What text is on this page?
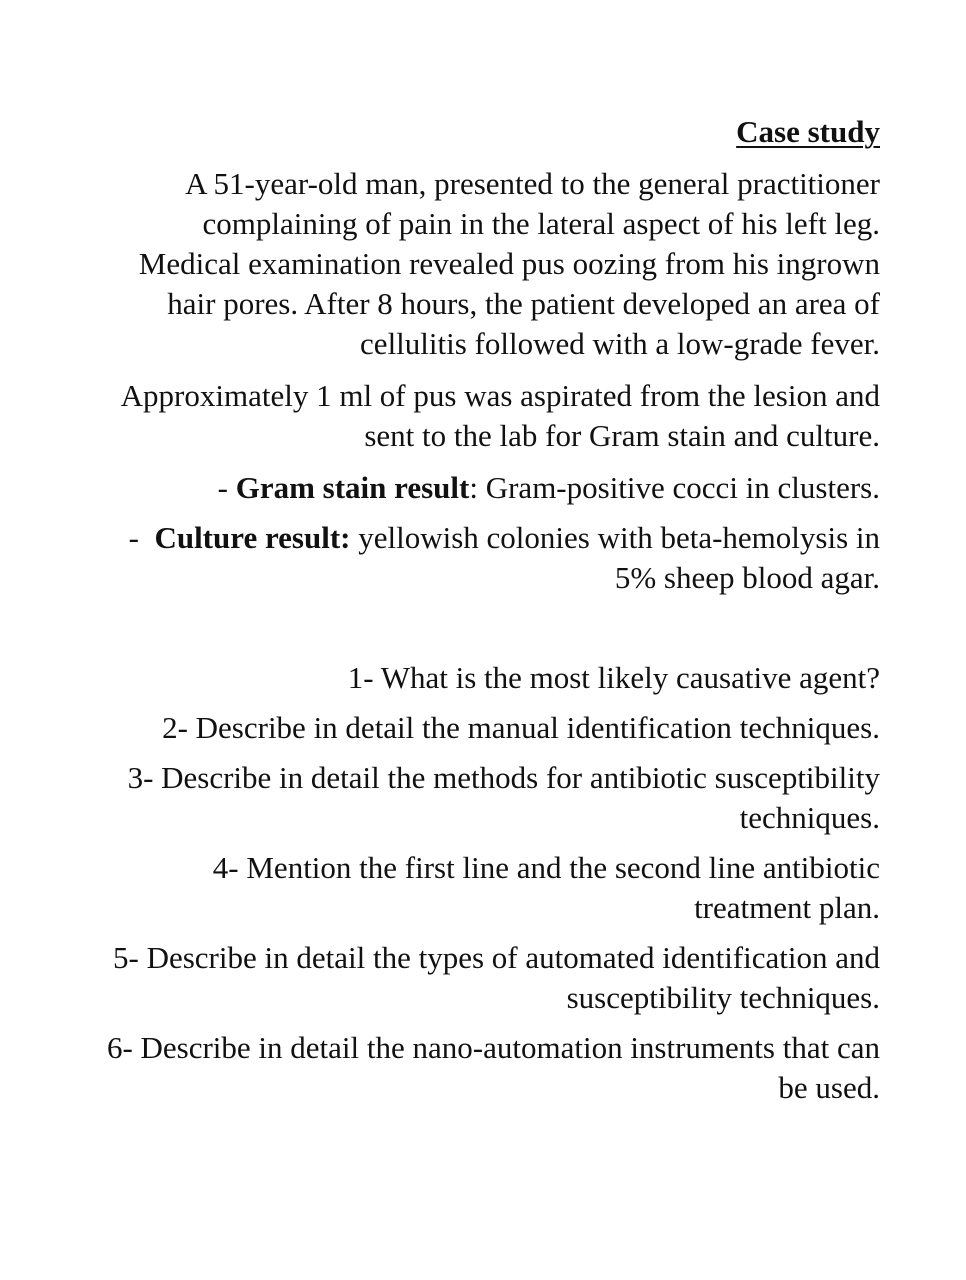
Case study

A 51-year-old man, presented to the general practitioner
complaining of pain in the lateral aspect of his left leg.
Medical examination revealed pus oozing from his ingrown
hair pores. After 8 hours, the patient developed an area of
cellulitis followed with a low-grade fever.

Approximately 1 ml of pus was aspirated from the lesion and
sent to the lab for Gram stain and culture.

- Gram stain result: Gram-positive cocci in clusters.

-  Culture result: yellowish colonies with beta-hemolysis in
5% sheep blood agar.

1- What is the most likely causative agent?

2- Describe in detail the manual identification techniques.

3- Describe in detail the methods for antibiotic susceptibility
techniques.

4- Mention the first line and the second line antibiotic
treatment plan.

5- Describe in detail the types of automated identification and
susceptibility techniques.

6- Describe in detail the nano-automation instruments that can
be used.
